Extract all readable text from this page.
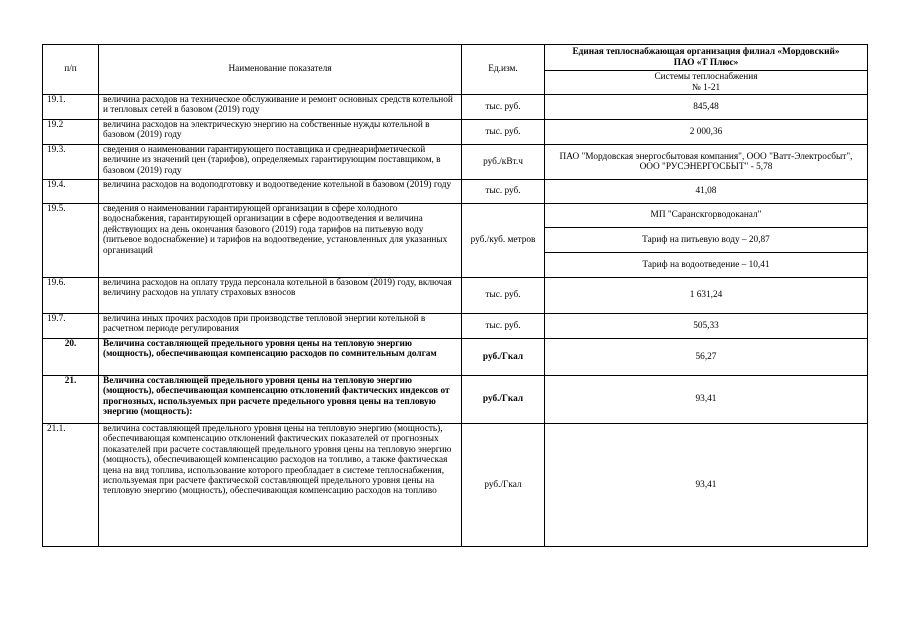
п/п	Наименование показателя	Ед.изм.	Единая теплоснабжающая организация филиал «Мордовский»
ПАО «Т Плюс»

			Системы теплоснабжения
№ 1-21

19.1.	величина расходов на техническое обслуживание и ремонт основных средств котельной и тепловых сетей в базовом (2019) году	тыс. руб.	845,48
19.2	величина расходов на электрическую энергию на собственные нужды котельной в базовом (2019) году	тыс. руб.	2 000,36
19.3.	сведения о наименовании гарантирующего поставщика и среднеарифметической величине из значений цен (тарифов), определяемых гарантирующим поставщиком, в базовом (2019) году	руб./кВт.ч	ПАО "Мордовская энергосбытовая компания", ООО "Ватт-Электросбыт", ООО "РУСЭНЕРГОСБЫТ" - 5,78
19.4.	величина расходов на водоподготовку и водоотведение котельной в базовом (2019) году	тыс. руб.	41,08
19.5.	сведения о наименовании гарантирующей организации в сфере холодного водоснабжения, гарантирующей организации в сфере водоотведения и величина действующих на день окончания базового (2019) года тарифов на питьевую воду (питьевое водоснабжение) и тарифов на водоотведение, установленных для указанных организаций	руб./куб. метров	МП "Саранскгорводоканал"
			Тариф на питьевую воду – 20,87
			Тариф на водоотведение – 10,41
19.6.	величина расходов на оплату труда персонала котельной в базовом (2019) году, включая величину расходов на уплату страховых взносов	тыс. руб.	1 631,24
19.7.	величина иных прочих расходов при производстве тепловой энергии котельной в расчетном периоде регулирования	тыс. руб.	505,33
20.	Величина составляющей предельного уровня цены на тепловую энергию (мощность), обеспечивающая компенсацию расходов по сомнительным долгам	руб./Гкал	56,27
21.	Величина составляющей предельного уровня цены на тепловую энергию (мощность), обеспечивающая компенсацию отклонений фактических индексов от прогнозных, используемых при расчете предельного уровня цены на тепловую энергию (мощность):	руб./Гкал	93,41
21.1.	величина составляющей предельного уровня цены на тепловую энергию (мощность), обеспечивающая компенсацию отклонений фактических показателей от прогнозных показателей при расчете составляющей предельного уровня цены на тепловую энергию (мощность), обеспечивающей компенсацию расходов на топливо, а также фактическая цена на вид топлива, использование которого преобладает в системе теплоснабжения, используемая при расчете фактической составляющей предельного уровня цены на тепловую энергию (мощность), обеспечивающая компенсацию расходов на топливо	руб./Гкал	93,41
